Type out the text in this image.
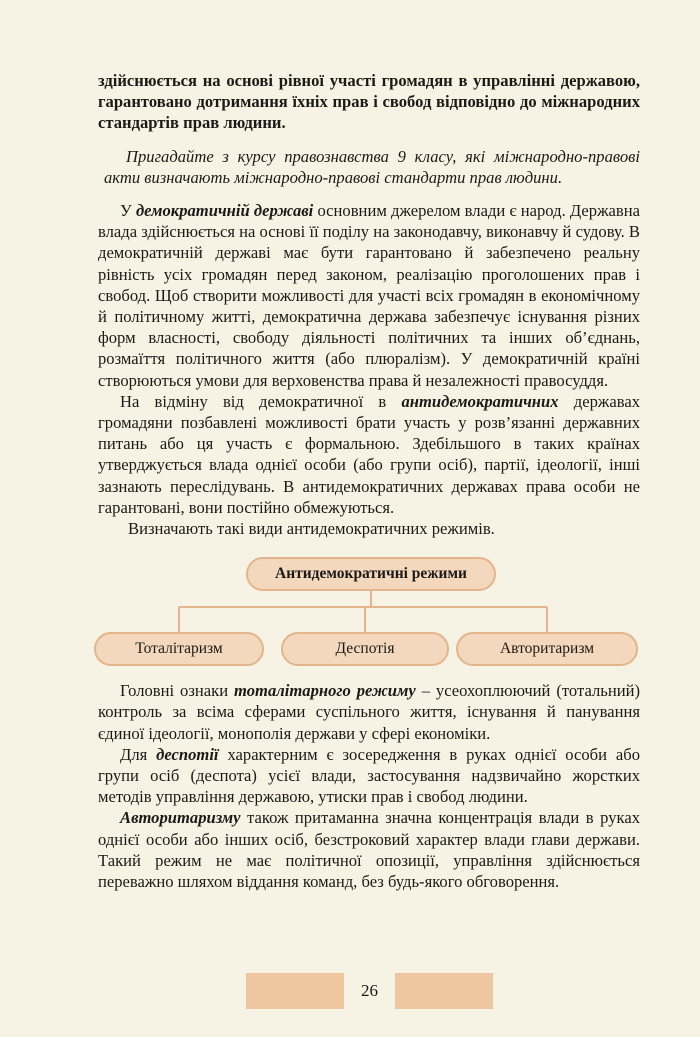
здійснюється на основі рівної участі громадян в управлінні державою, гарантовано дотримання їхніх прав і свобод відповідно до міжнародних стандартів прав людини.

Пригадайте з курсу правознавства 9 класу, які міжнародно-правові акти визначають міжнародно-правові стандарти прав людини.

У демократичній державі основним джерелом влади є народ. Державна влада здійснюється на основі її поділу на законодавчу, виконавчу й судову. В демократичній державі має бути гарантовано й забезпечено реальну рівність усіх громадян перед законом, реалізацію проголошених прав і свобод. Щоб створити можливості для участі всіх громадян в економічному й політичному житті, демократична держава забезпечує існування різних форм власності, свободу діяльності політичних та інших об’єднань, розмаїття політичного життя (або плюралізм). У демократичній країні створюються умови для верховенства права й незалежності правосуддя.

На відміну від демократичної в антидемократичних державах громадяни позбавлені можливості брати участь у розв’язанні державних питань або ця участь є формальною. Здебільшого в таких країнах утверджується влада однієї особи (або групи осіб), партії, ідеології, інші зазнають переслідувань. В антидемократичних державах права особи не гарантовані, вони постійно обмежуються.

Визначають такі види антидемократичних режимів.

Антидемократичні режими
Тоталітаризм	Деспотія	Авторитаризм

Головні ознаки тоталітарного режиму – усеохоплюючий (тотальний) контроль за всіма сферами суспільного життя, існування й панування єдиної ідеології, монополія держави у сфері економіки.

Для деспотії характерним є зосередження в руках однієї особи або групи осіб (деспота) усієї влади, застосування надзвичайно жорстких методів управління державою, утиски прав і свобод людини.

Авторитаризму також притаманна значна концентрація влади в руках однієї особи або інших осіб, безстроковий характер влади глави держави. Такий режим не має політичної опозиції, управління здійснюється переважно шляхом віддання команд, без будь-якого обговорення.

26
